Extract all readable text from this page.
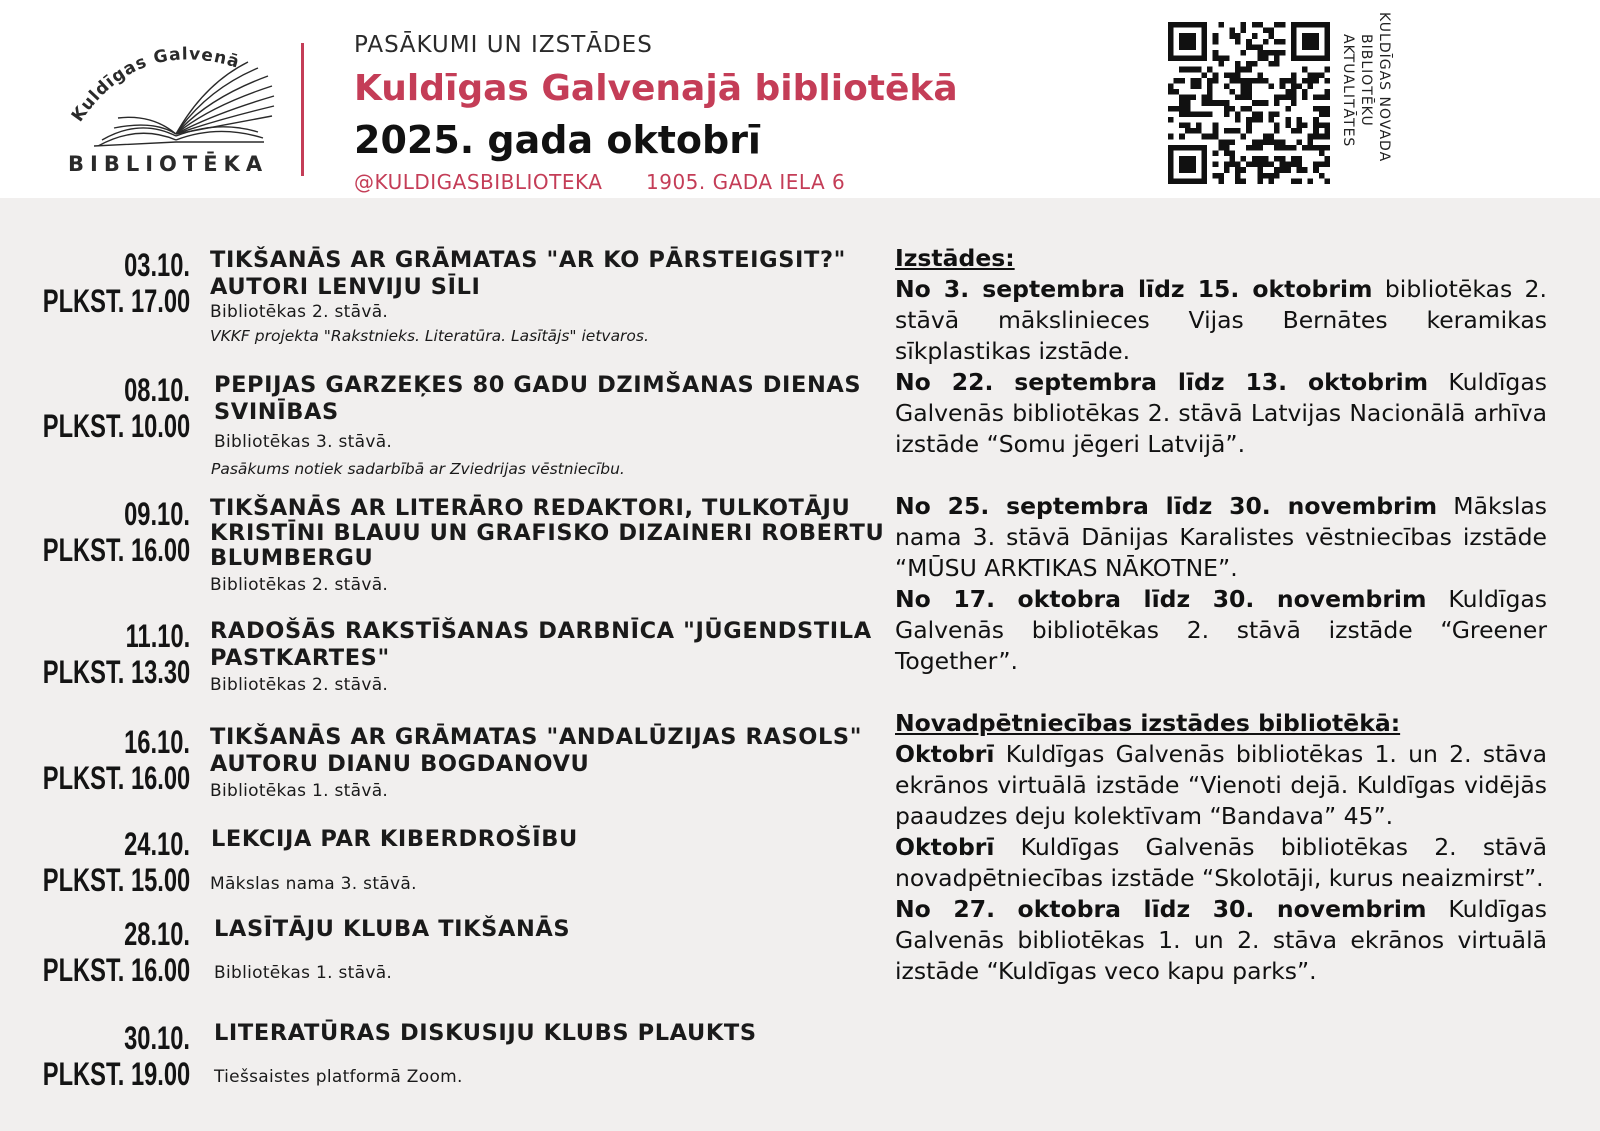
Kuldīgas Galvenā
BIBLIOTĒKA
PASĀKUMI UN IZSTĀDES
Kuldīgas Galvenajā bibliotēkā
2025. gada oktobrī
@KULDIGASBIBLIOTEKA 1905. GADA IELA 6
KULDĪGAS NOVADA
BIBLIOTĒKU
AKTUALITĀTES
03.10.
PLKST. 17.00
TIKŠANĀS AR GRĀMATAS "AR KO PĀRSTEIGSIT?" AUTORI LENVIJU SĪLI
Bibliotēkas 2. stāvā.
VKKF projekta "Rakstnieks. Literatūra. Lasītājs" ietvaros.
08.10.
PLKST. 10.00
PEPIJAS GARZEĶES 80 GADU DZIMŠANAS DIENAS SVINĪBAS
Bibliotēkas 3. stāvā.
Pasākums notiek sadarbībā ar Zviedrijas vēstniecību.
09.10.
PLKST. 16.00
TIKŠANĀS AR LITERĀRO REDAKTORI, TULKOTĀJU KRISTĪNI BLAUU UN GRAFISKO DIZAINERI ROBERTU BLUMBERGU
Bibliotēkas 2. stāvā.
11.10.
PLKST. 13.30
RADOŠĀS RAKSTĪŠANAS DARBNĪCA "JŪGENDSTILA PASTKARTES"
Bibliotēkas 2. stāvā.
16.10.
PLKST. 16.00
TIKŠANĀS AR GRĀMATAS "ANDALŪZIJAS RASOLS" AUTORU DIANU BOGDANOVU
Bibliotēkas 1. stāvā.
24.10.
PLKST. 15.00
LEKCIJA PAR KIBERDROŠĪBU
Mākslas nama 3. stāvā.
28.10.
PLKST. 16.00
LASĪTĀJU KLUBA TIKŠANĀS
Bibliotēkas 1. stāvā.
30.10.
PLKST. 19.00
LITERATŪRAS DISKUSIJU KLUBS PLAUKTS
Tiešsaistes platformā Zoom.

Izstādes:

No 3. septembra līdz 15. oktobrim bibliotēkas 2. stāvā mākslinieces Vijas Bernātes keramikas sīkplastikas izstāde.

No 22. septembra līdz 13. oktobrim Kuldīgas Galvenās bibliotēkas 2. stāvā Latvijas Nacionālā arhīva izstāde “Somu jēgeri Latvijā”.

No 25. septembra līdz 30. novembrim Mākslas nama 3. stāvā Dānijas Karalistes vēstniecības izstāde “MŪSU ARKTIKAS NĀKOTNE”.

No 17. oktobra līdz 30. novembrim Kuldīgas Galvenās bibliotēkas 2. stāvā izstāde “Greener Together”.

Novadpētniecības izstādes bibliotēkā:

Oktobrī Kuldīgas Galvenās bibliotēkas 1. un 2. stāva ekrānos virtuālā izstāde “Vienoti dejā. Kuldīgas vidējās paaudzes deju kolektīvam “Bandava” 45”.

Oktobrī Kuldīgas Galvenās bibliotēkas 2. stāvā novadpētniecības izstāde “Skolotāji, kurus neaizmirst”.

No 27. oktobra līdz 30. novembrim Kuldīgas Galvenās bibliotēkas 1. un 2. stāva ekrānos virtuālā izstāde “Kuldīgas veco kapu parks”.
